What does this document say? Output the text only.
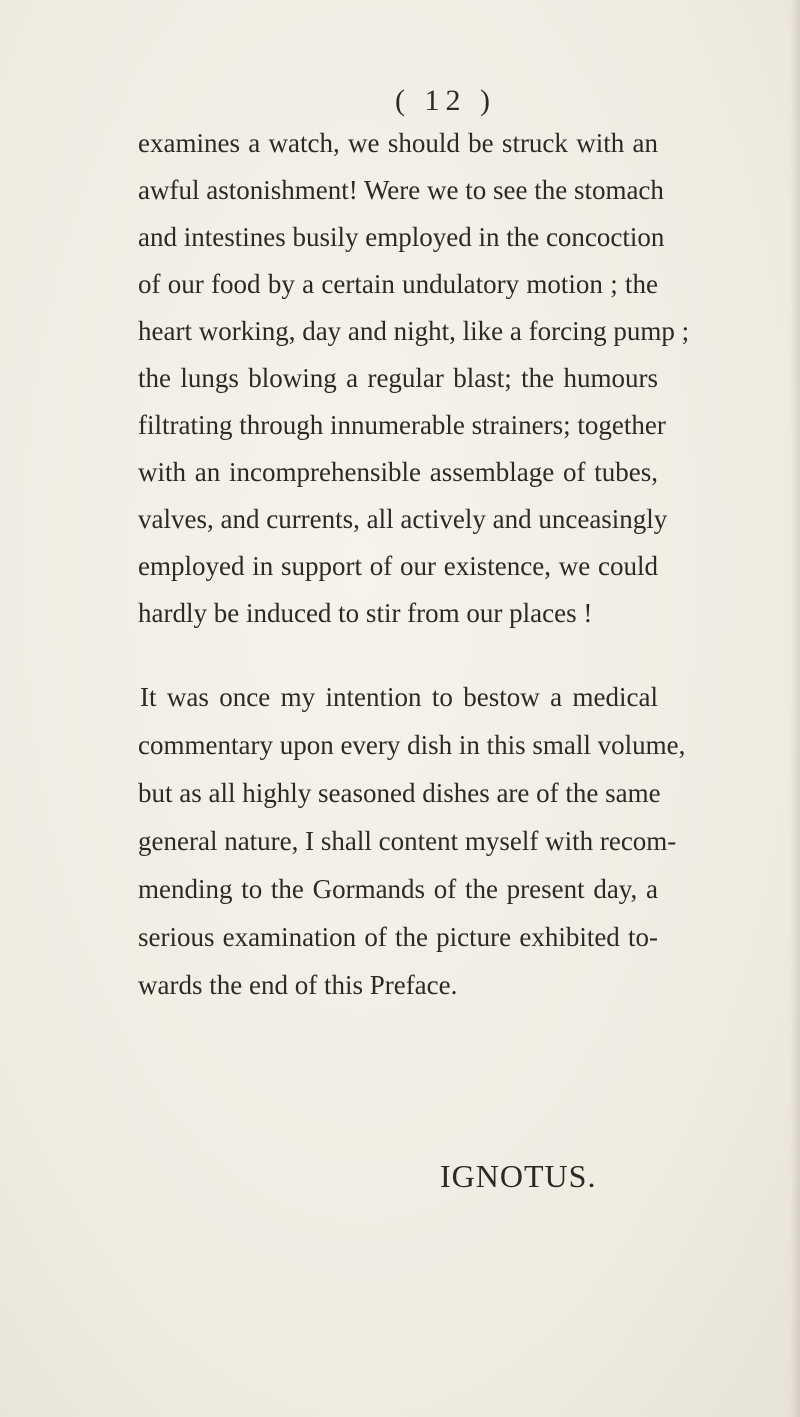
( 12 )
examines a watch, we should be struck with an
awful astonishment! Were we to see the stomach
and intestines busily employed in the concoction
of our food by a certain undulatory motion ; the
heart working, day and night, like a forcing pump ;
the lungs blowing a regular blast; the humours
filtrating through innumerable strainers; together
with an incomprehensible assemblage of tubes,
valves, and currents, all actively and unceasingly
employed in support of our existence, we could
hardly be induced to stir from our places !
It was once my intention to bestow a medical
commentary upon every dish in this small volume,
but as all highly seasoned dishes are of the same
general nature, I shall content myself with recom-
mending to the Gormands of the present day, a
serious examination of the picture exhibited to-
wards the end of this Preface.
IGNOTUS.
